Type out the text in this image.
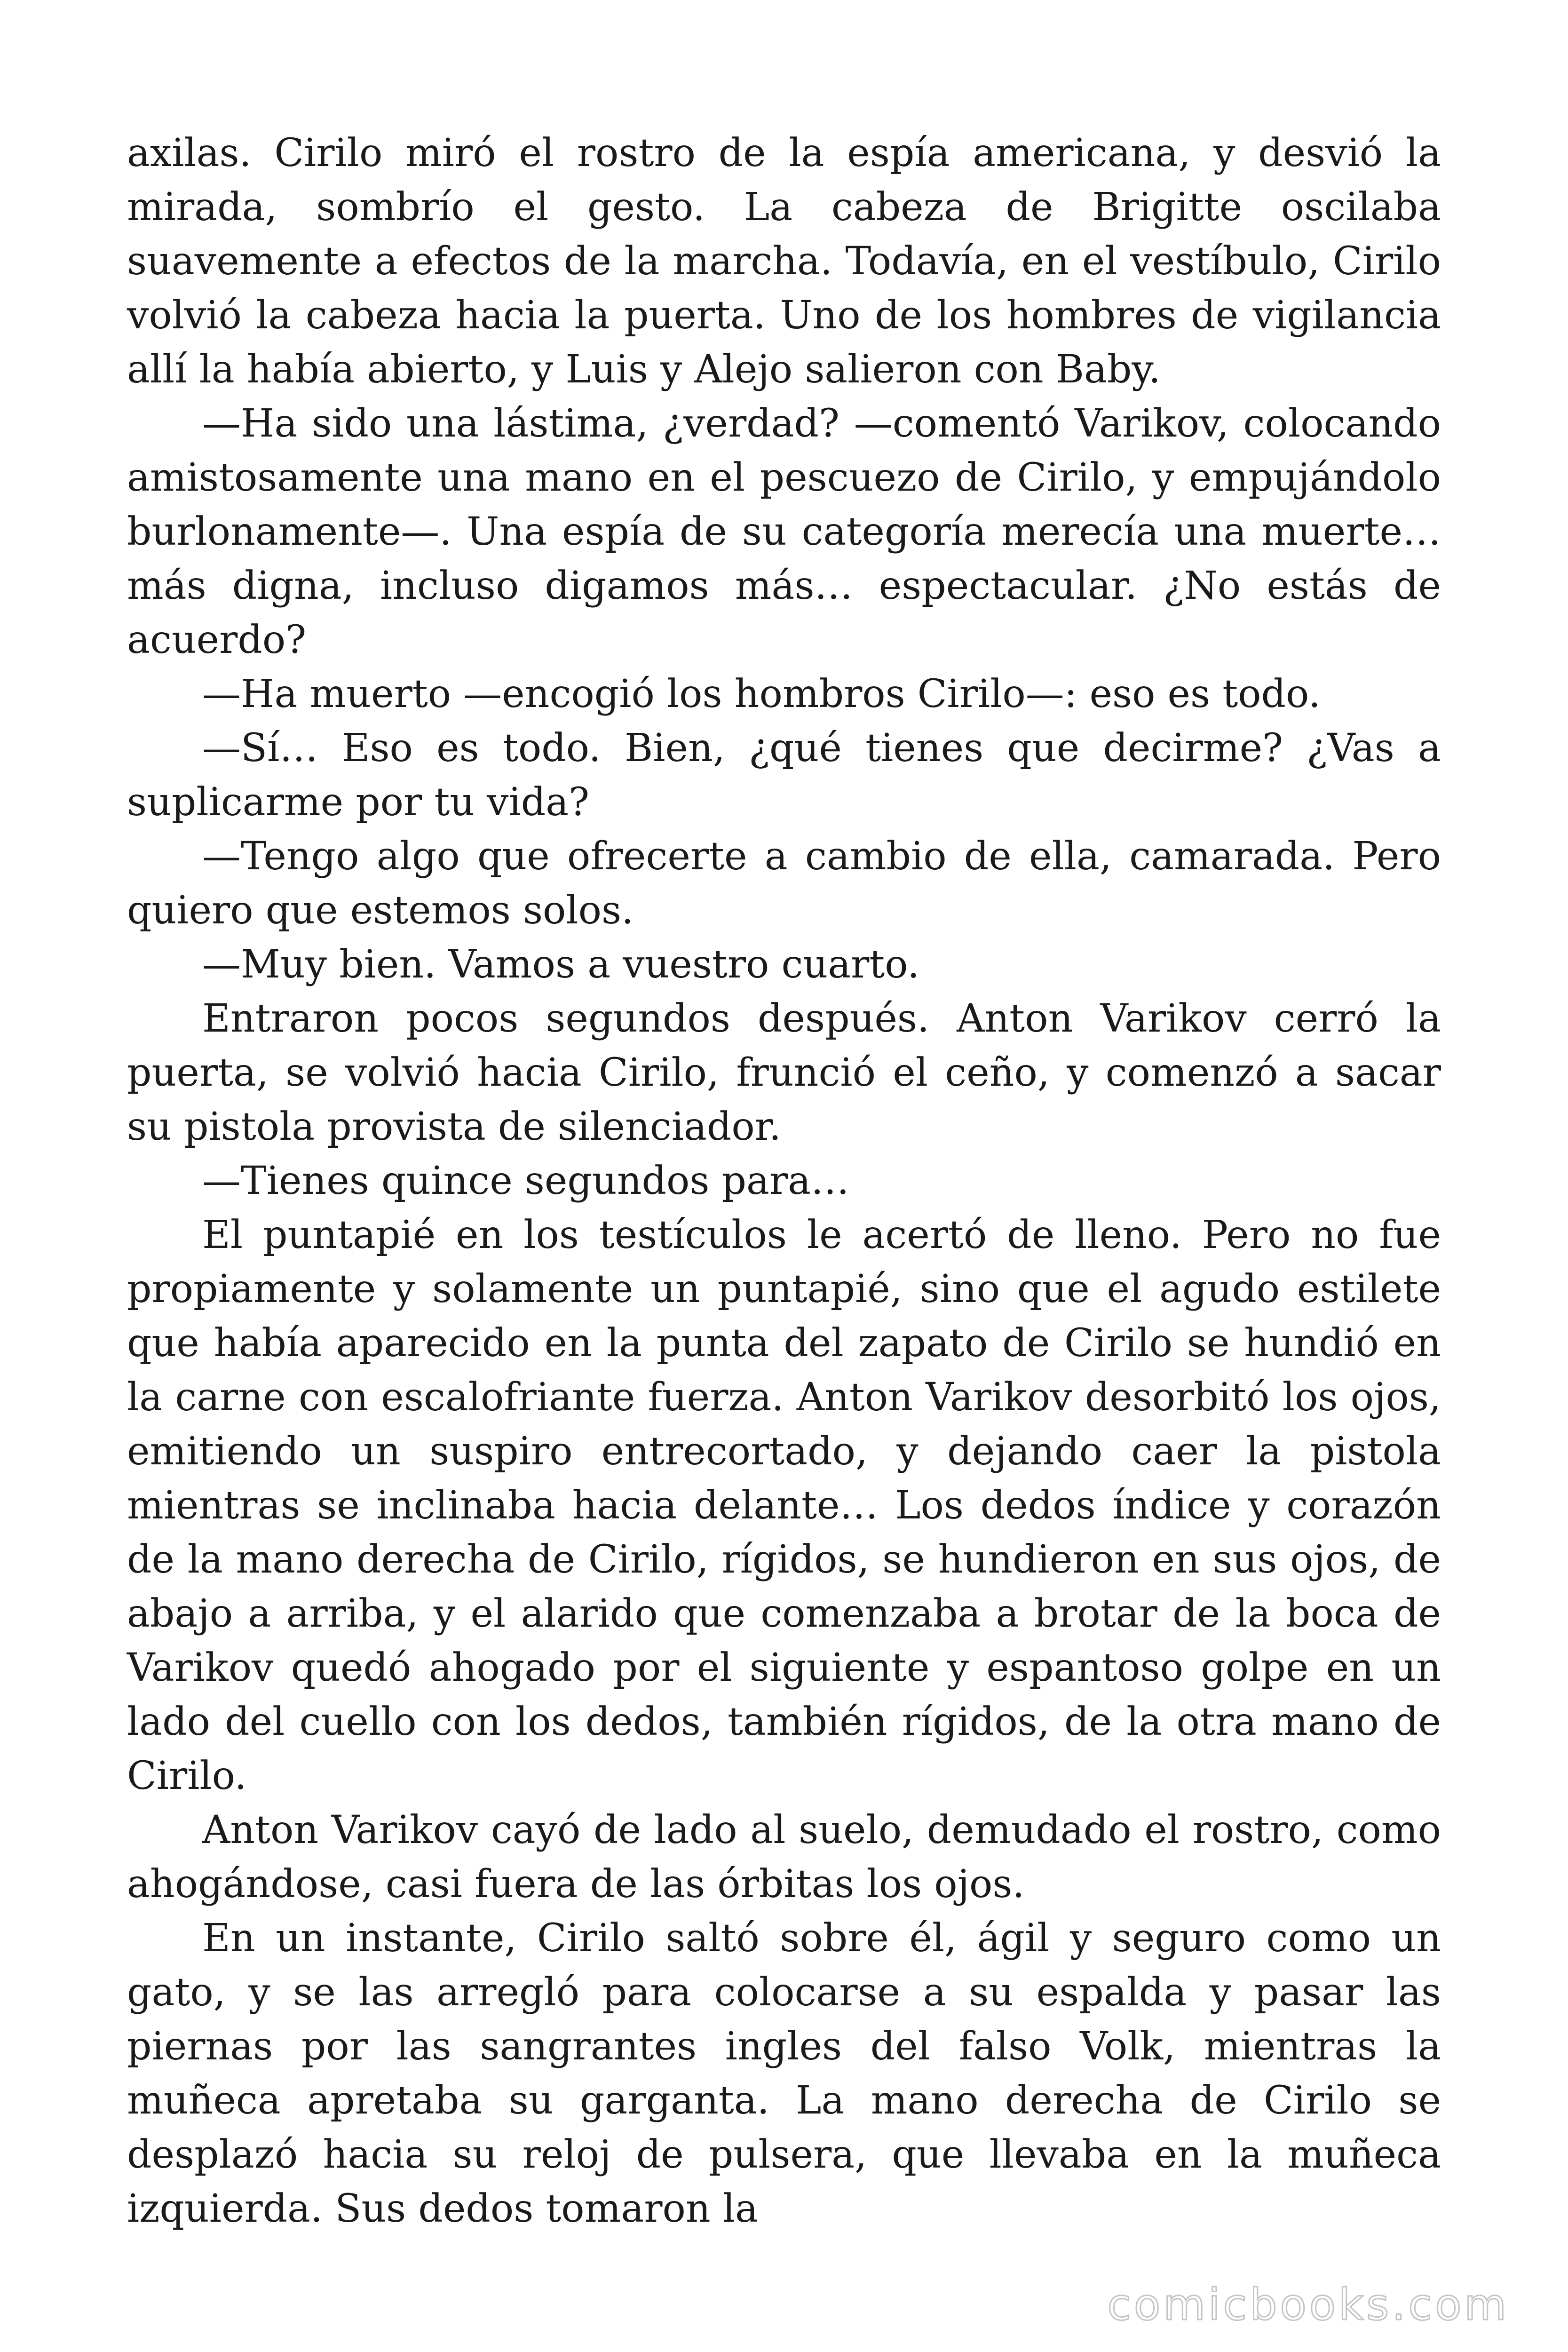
axilas. Cirilo miró el rostro de la espía americana, y desvió la mirada, sombrío el gesto. La cabeza de Brigitte oscilaba suavemente a efectos de la marcha. Todavía, en el vestíbulo, Cirilo volvió la cabeza hacia la puerta. Uno de los hombres de vigilancia allí la había abierto, y Luis y Alejo salieron con Baby.

—Ha sido una lástima, ¿verdad? —comentó Varikov, colocando amistosamente una mano en el pescuezo de Cirilo, y empujándolo burlonamente—. Una espía de su categoría merecía una muerte… más digna, incluso digamos más… espectacular. ¿No estás de acuerdo?

—Ha muerto —encogió los hombros Cirilo—: eso es todo.

—Sí… Eso es todo. Bien, ¿qué tienes que decirme? ¿Vas a suplicarme por tu vida?

—Tengo algo que ofrecerte a cambio de ella, camarada. Pero quiero que estemos solos.

—Muy bien. Vamos a vuestro cuarto.

Entraron pocos segundos después. Anton Varikov cerró la puerta, se volvió hacia Cirilo, frunció el ceño, y comenzó a sacar su pistola provista de silenciador.

—Tienes quince segundos para…

El puntapié en los testículos le acertó de lleno. Pero no fue propiamente y solamente un puntapié, sino que el agudo estilete que había aparecido en la punta del zapato de Cirilo se hundió en la carne con escalofriante fuerza. Anton Varikov desorbitó los ojos, emitiendo un suspiro entrecortado, y dejando caer la pistola mientras se inclinaba hacia delante… Los dedos índice y corazón de la mano derecha de Cirilo, rígidos, se hundieron en sus ojos, de abajo a arriba, y el alarido que comenzaba a brotar de la boca de Varikov quedó ahogado por el siguiente y espantoso golpe en un lado del cuello con los dedos, también rígidos, de la otra mano de Cirilo.

Anton Varikov cayó de lado al suelo, demudado el rostro, como ahogándose, casi fuera de las órbitas los ojos.

En un instante, Cirilo saltó sobre él, ágil y seguro como un gato, y se las arregló para colocarse a su espalda y pasar las piernas por las sangrantes ingles del falso Volk, mientras la muñeca apretaba su garganta. La mano derecha de Cirilo se desplazó hacia su reloj de pulsera, que llevaba en la muñeca izquierda. Sus dedos tomaron la

comicbooks.com
